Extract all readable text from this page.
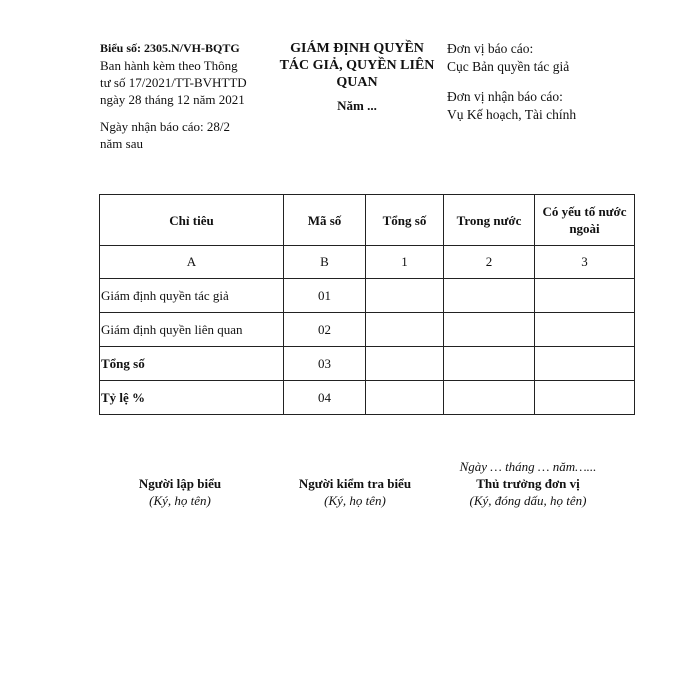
Biểu số: 2305.N/VH-BQTG
Ban hành kèm theo Thông
tư số 17/2021/TT-BVHTTD
ngày 28 tháng 12 năm 2021
Ngày nhận báo cáo: 28/2
năm sau
GIÁM ĐỊNH QUYỀN
TÁC GIẢ, QUYỀN LIÊN
QUAN
Năm ...
Đơn vị báo cáo:
Cục Bản quyền tác giả
Đơn vị nhận báo cáo:
Vụ Kế hoạch, Tài chính
Chỉ tiêu	Mã số	Tổng số	Trong nước	Có yếu tố nước ngoài
A	B	1	2	3
Giám định quyền tác giả	01			
Giám định quyền liên quan	02			
Tổng số	03			
Tỷ lệ %	04			
Người lập biểu
(Ký, họ tên)
Người kiểm tra biểu
(Ký, họ tên)
Ngày … tháng … năm…...
Thủ trưởng đơn vị
(Ký, đóng dấu, họ tên)
